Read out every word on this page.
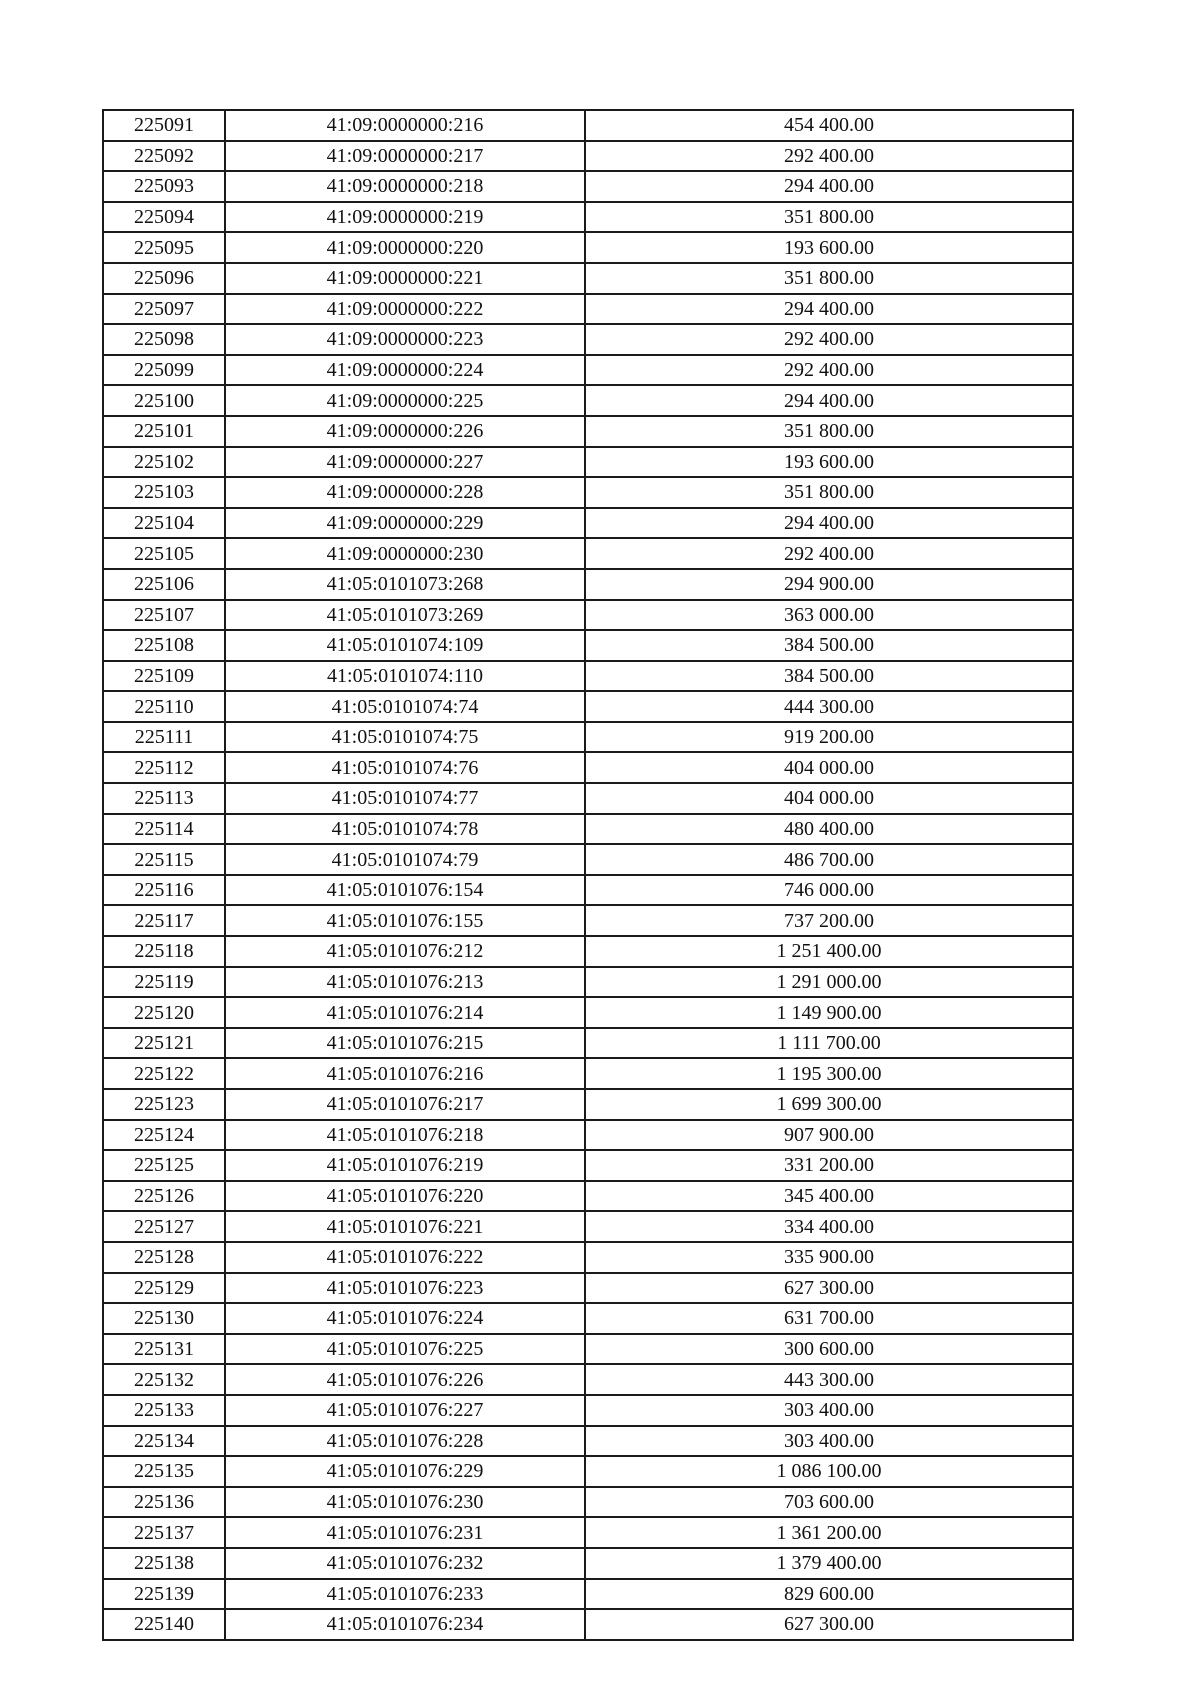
225091	41:09:0000000:216	454 400.00
225092	41:09:0000000:217	292 400.00
225093	41:09:0000000:218	294 400.00
225094	41:09:0000000:219	351 800.00
225095	41:09:0000000:220	193 600.00
225096	41:09:0000000:221	351 800.00
225097	41:09:0000000:222	294 400.00
225098	41:09:0000000:223	292 400.00
225099	41:09:0000000:224	292 400.00
225100	41:09:0000000:225	294 400.00
225101	41:09:0000000:226	351 800.00
225102	41:09:0000000:227	193 600.00
225103	41:09:0000000:228	351 800.00
225104	41:09:0000000:229	294 400.00
225105	41:09:0000000:230	292 400.00
225106	41:05:0101073:268	294 900.00
225107	41:05:0101073:269	363 000.00
225108	41:05:0101074:109	384 500.00
225109	41:05:0101074:110	384 500.00
225110	41:05:0101074:74	444 300.00
225111	41:05:0101074:75	919 200.00
225112	41:05:0101074:76	404 000.00
225113	41:05:0101074:77	404 000.00
225114	41:05:0101074:78	480 400.00
225115	41:05:0101074:79	486 700.00
225116	41:05:0101076:154	746 000.00
225117	41:05:0101076:155	737 200.00
225118	41:05:0101076:212	1 251 400.00
225119	41:05:0101076:213	1 291 000.00
225120	41:05:0101076:214	1 149 900.00
225121	41:05:0101076:215	1 111 700.00
225122	41:05:0101076:216	1 195 300.00
225123	41:05:0101076:217	1 699 300.00
225124	41:05:0101076:218	907 900.00
225125	41:05:0101076:219	331 200.00
225126	41:05:0101076:220	345 400.00
225127	41:05:0101076:221	334 400.00
225128	41:05:0101076:222	335 900.00
225129	41:05:0101076:223	627 300.00
225130	41:05:0101076:224	631 700.00
225131	41:05:0101076:225	300 600.00
225132	41:05:0101076:226	443 300.00
225133	41:05:0101076:227	303 400.00
225134	41:05:0101076:228	303 400.00
225135	41:05:0101076:229	1 086 100.00
225136	41:05:0101076:230	703 600.00
225137	41:05:0101076:231	1 361 200.00
225138	41:05:0101076:232	1 379 400.00
225139	41:05:0101076:233	829 600.00
225140	41:05:0101076:234	627 300.00
